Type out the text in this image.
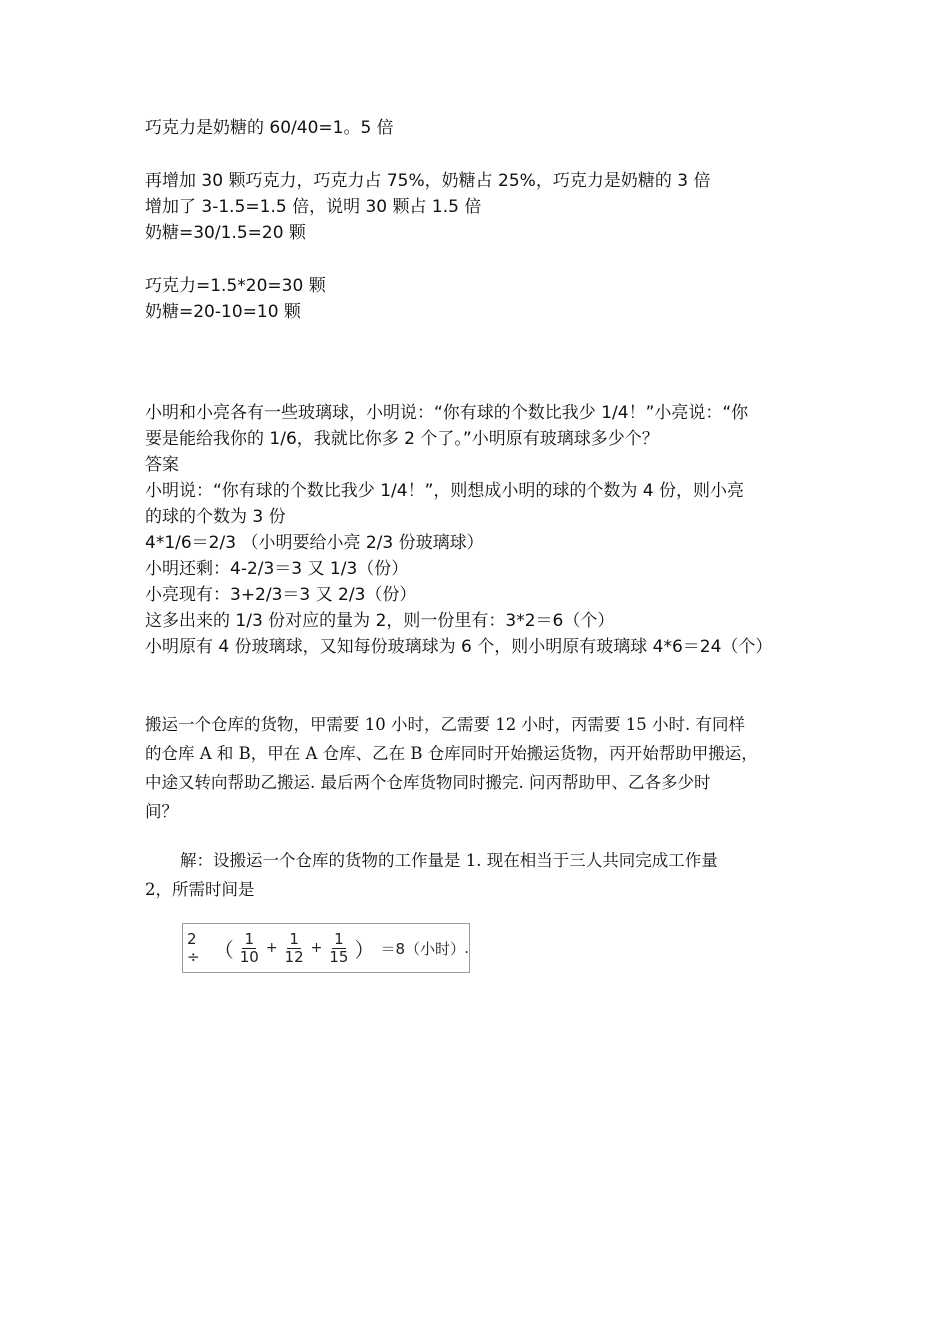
巧克力是奶糖的 60/40=1。5 倍
再增加 30 颗巧克力，巧克力占 75%，奶糖占 25%，巧克力是奶糖的 3 倍
增加了 3-1.5=1.5 倍，说明 30 颗占 1.5 倍
奶糖=30/1.5=20 颗
巧克力=1.5*20=30 颗
奶糖=20-10=10 颗
小明和小亮各有一些玻璃球，小明说：“你有球的个数比我少 1/4！”小亮说：“你
要是能给我你的 1/6，我就比你多 2 个了。”小明原有玻璃球多少个？
答案
小明说：“你有球的个数比我少 1/4！”，则想成小明的球的个数为 4 份，则小亮
的球的个数为 3 份
4*1/6＝2/3 （小明要给小亮 2/3 份玻璃球）
小明还剩：4-2/3＝3 又 1/3（份）
小亮现有：3+2/3＝3 又 2/3（份）
这多出来的 1/3 份对应的量为 2，则一份里有：3*2＝6（个）
小明原有 4 份玻璃球，又知每份玻璃球为 6 个，则小明原有玻璃球 4*6＝24（个）
搬运一个仓库的货物，甲需要 10 小时，乙需要 12 小时，丙需要 15 小时. 有同样
的仓库 A 和 B，甲在 A 仓库、乙在 B 仓库同时开始搬运货物，丙开始帮助甲搬运，
中途又转向帮助乙搬运. 最后两个仓库货物同时搬完. 问丙帮助甲、乙各多少时
间？
解：设搬运一个仓库的货物的工作量是 1. 现在相当于三人共同完成工作量
2，所需时间是
2 ÷ （ $\frac{1}{10} + \frac{1}{12} + \frac{1}{15}$ ） ＝8（小时） .
